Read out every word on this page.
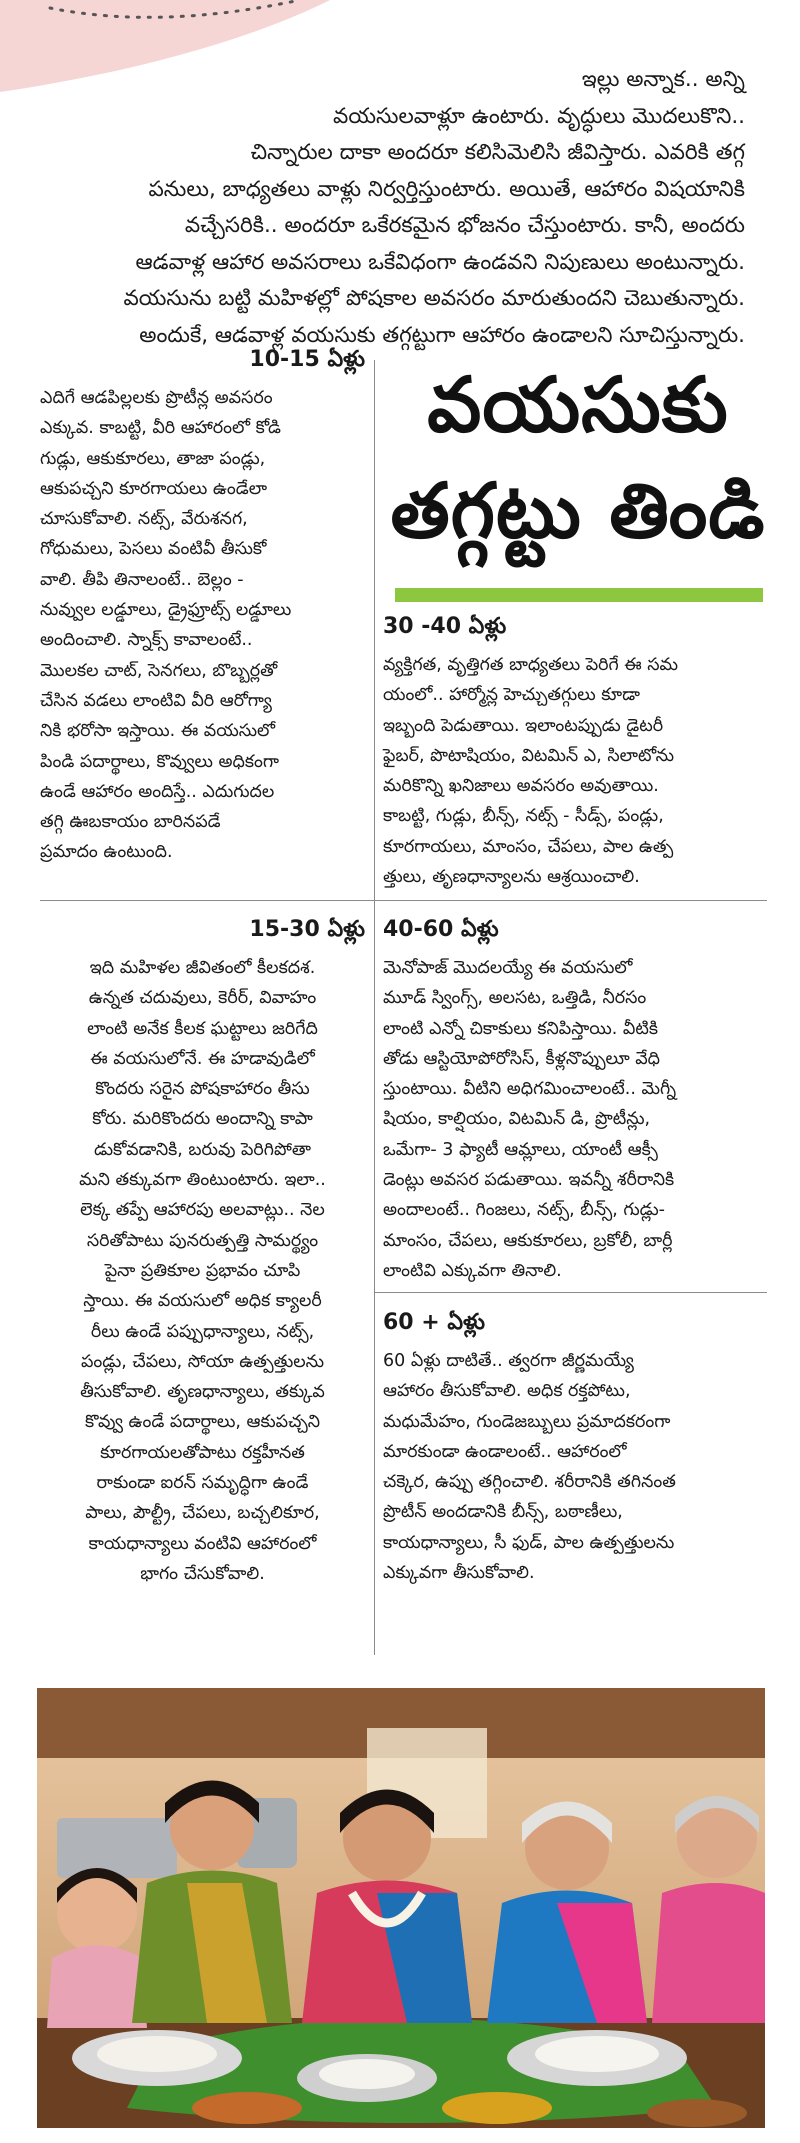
ఇల్లు అన్నాక.. అన్ని
వయసులవాళ్లూ ఉంటారు. వృద్ధులు మొదలుకొని..
చిన్నారుల దాకా అందరూ కలిసిమెలిసి జీవిస్తారు. ఎవరికి తగ్గ
పనులు, బాధ్యతలు వాళ్లు నిర్వర్తిస్తుంటారు. అయితే, ఆహారం విషయానికి
వచ్చేసరికి.. అందరూ ఒకేరకమైన భోజనం చేస్తుంటారు. కానీ, అందరు
ఆడవాళ్ల ఆహార అవసరాలు ఒకేవిధంగా ఉండవని నిపుణులు అంటున్నారు.
వయసును బట్టి మహిళల్లో పోషకాల అవసరం మారుతుందని చెబుతున్నారు.
అందుకే, ఆడవాళ్ల వయసుకు తగ్గట్టుగా ఆహారం ఉండాలని సూచిస్తున్నారు.

వయసుకు
తగ్గట్టు తిండి
10-15 ఏళ్లు

ఎదిగే ఆడపిల్లలకు ప్రొటీన్ల అవసరం
ఎక్కువ. కాబట్టి, వీరి ఆహారంలో కోడి
గుడ్లు, ఆకుకూరలు, తాజా పండ్లు,
ఆకుపచ్చని కూరగాయలు ఉండేలా
చూసుకోవాలి. నట్స్, వేరుశనగ,
గోధుమలు, పెసలు వంటివీ తీసుకో
వాలి. తీపి తినాలంటే.. బెల్లం -
నువ్వుల లడ్డూలు, డ్రైఫ్రూట్స్ లడ్డూలు
అందించాలి. స్నాక్స్ కావాలంటే..
మొలకల చాట్, సెనగలు, బొబ్బర్లతో
చేసిన వడలు లాంటివి వీరి ఆరోగ్యా
నికి భరోసా ఇస్తాయి. ఈ వయసులో
పిండి పదార్థాలు, కొవ్వులు అధికంగా
ఉండే ఆహారం అందిస్తే.. ఎదుగుదల
తగ్గి ఊబకాయం బారినపడే
ప్రమాదం ఉంటుంది.

30 -40 ఏళ్లు

వ్యక్తిగత, వృత్తిగత బాధ్యతలు పెరిగే ఈ సమ
యంలో.. హార్మోన్ల హెచ్చుతగ్గులు కూడా
ఇబ్బంది పెడుతాయి. ఇలాంటప్పుడు డైటరీ
ఫైబర్, పొటాషియం, విటమిన్ ఎ, సిలాటోను
మరికొన్ని ఖనిజాలు అవసరం అవుతాయి.
కాబట్టి, గుడ్లు, బీన్స్, నట్స్ - సీడ్స్, పండ్లు,
కూరగాయలు, మాంసం, చేపలు, పాల ఉత్ప
త్తులు, తృణధాన్యాలను ఆశ్రయించాలి.

15-30 ఏళ్లు

ఇది మహిళల జీవితంలో కీలకదశ.
ఉన్నత చదువులు, కెరీర్, వివాహం
లాంటి అనేక కీలక ఘట్టాలు జరిగేది
ఈ వయసులోనే. ఈ హడావుడిలో
కొందరు సరైన పోషకాహారం తీసు
కోరు. మరికొందరు అందాన్ని కాపా
డుకోవడానికి, బరువు పెరిగిపోతా
మని తక్కువగా తింటుంటారు. ఇలా..
లెక్క తప్పే ఆహారపు అలవాట్లు.. నెల
సరితోపాటు పునరుత్పత్తి సామర్థ్యం
పైనా ప్రతికూల ప్రభావం చూపి
స్తాయి. ఈ వయసులో అధిక క్యాలరీ
రీలు ఉండే పప్పుధాన్యాలు, నట్స్,
పండ్లు, చేపలు, సోయా ఉత్పత్తులను
తీసుకోవాలి. తృణధాన్యాలు, తక్కువ
కొవ్వు ఉండే పదార్థాలు, ఆకుపచ్చని
కూరగాయలతోపాటు రక్తహీనత
రాకుండా ఐరన్ సమృద్ధిగా ఉండే
పాలు, పౌల్ట్రీ, చేపలు, బచ్చలికూర,
కాయధాన్యాలు వంటివి ఆహారంలో
భాగం చేసుకోవాలి.

40-60 ఏళ్లు

మెనోపాజ్ మొదలయ్యే ఈ వయసులో
మూడ్ స్వింగ్స్, అలసట, ఒత్తిడి, నీరసం
లాంటి ఎన్నో చికాకులు కనిపిస్తాయి. వీటికి
తోడు ఆస్టియోపోరోసిస్, కీళ్లనొప్పులూ వేధి
స్తుంటాయి. వీటిని అధిగమించాలంటే.. మెగ్నీ
షియం, కాల్షియం, విటమిన్ డి, ప్రొటీన్లు,
ఒమేగా- 3 ఫ్యాటీ ఆమ్లాలు, యాంటీ ఆక్సీ
డెంట్లు అవసర పడుతాయి. ఇవన్నీ శరీరానికి
అందాలంటే.. గింజలు, నట్స్, బీన్స్, గుడ్లు-
మాంసం, చేపలు, ఆకుకూరలు, బ్రకోలీ, బార్లీ
లాంటివి ఎక్కువగా తినాలి.

60 + ఏళ్లు

60 ఏళ్లు దాటితే.. త్వరగా జీర్ణమయ్యే
ఆహారం తీసుకోవాలి. అధిక రక్తపోటు,
మధుమేహం, గుండెజబ్బులు ప్రమాదకరంగా
మారకుండా ఉండాలంటే.. ఆహారంలో
చక్కెర, ఉప్పు తగ్గించాలి. శరీరానికి తగినంత
ప్రొటీన్ అందడానికి బీన్స్, బఠాణీలు,
కాయధాన్యాలు, సీ ఫుడ్, పాల ఉత్పత్తులను
ఎక్కువగా తీసుకోవాలి.
